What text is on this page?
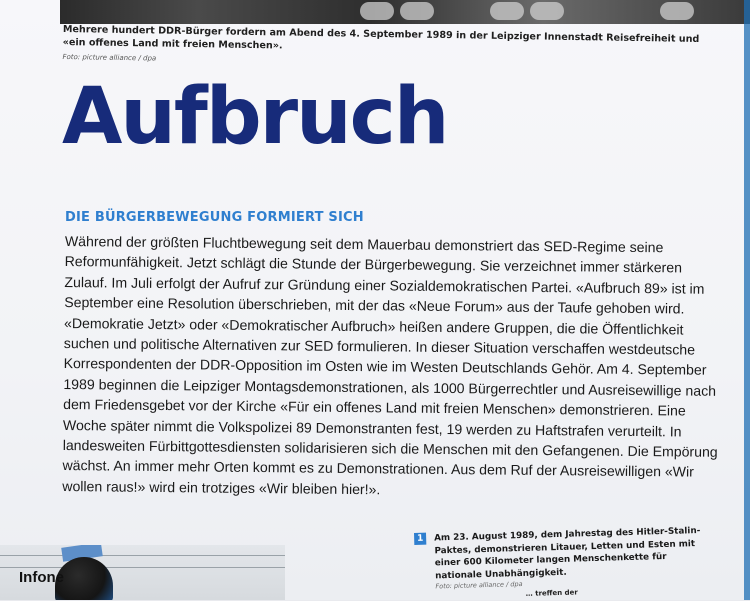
Mehrere hundert DDR-Bürger fordern am Abend des 4. September 1989 in der Leipziger Innenstadt Reisefreiheit und «ein offenes Land mit freien Menschen».
Foto: picture alliance / dpa
Aufbruch
DIE BÜRGERBEWEGUNG FORMIERT SICH
Während der größten Fluchtbewegung seit dem Mauerbau demonstriert das SED-Regime seine Reformunfähigkeit. Jetzt schlägt die Stunde der Bürgerbewegung. Sie verzeichnet immer stärkeren Zulauf. Im Juli erfolgt der Aufruf zur Gründung einer Sozialdemokratischen Partei. «Aufbruch 89» ist im September eine Resolution überschrieben, mit der das «Neue Forum» aus der Taufe gehoben wird. «Demokratie Jetzt» oder «Demokratischer Aufbruch» heißen andere Gruppen, die die Öffentlichkeit suchen und politische Alternativen zur SED formulieren. In dieser Situation verschaffen westdeutsche Korrespondenten der DDR-Opposition im Osten wie im Westen Deutschlands Gehör. Am 4. September 1989 beginnen die Leipziger Montagsdemonstrationen, als 1000 Bürgerrechtler und Ausreisewillige nach dem Friedensgebet vor der Kirche «Für ein offenes Land mit freien Menschen» demonstrieren. Eine Woche später nimmt die Volkspolizei 89 Demonstranten fest, 19 werden zu Haftstrafen verurteilt. In landesweiten Fürbittgottesdiensten solidarisieren sich die Menschen mit den Gefangenen. Die Empörung wächst. An immer mehr Orten kommt es zu Demonstrationen. Aus dem Ruf der Ausreisewilligen «Wir wollen raus!» wird ein trotziges «Wir bleiben hier!».
Infone
1	Am 23. August 1989, dem Jahrestag des Hitler-Stalin-Paktes, demonstrieren Litauer, Letten und Esten mit einer 600 Kilometer langen Menschenkette für nationale Unabhängigkeit.
Foto: picture alliance / dpa
… treffen der
